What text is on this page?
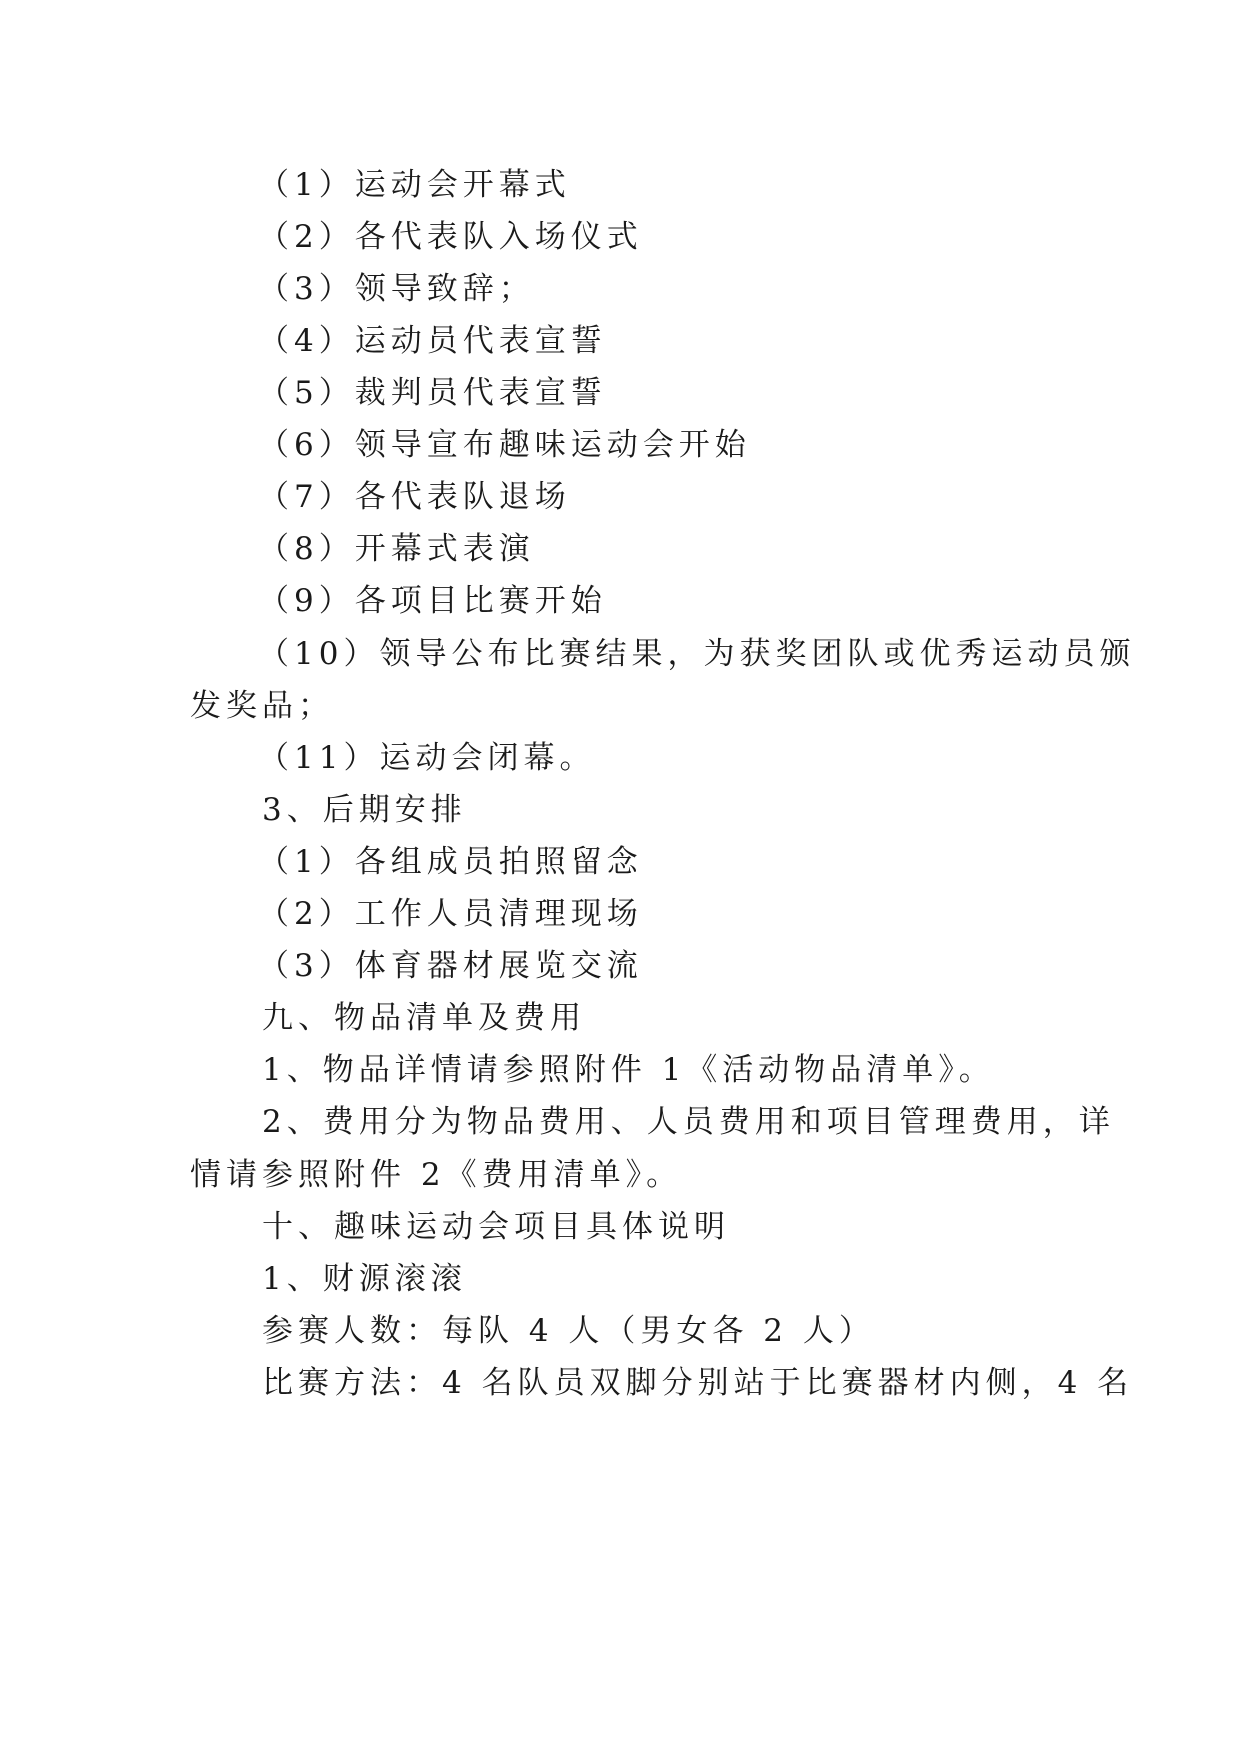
（1）运动会开幕式
（2）各代表队入场仪式
（3）领导致辞；
（4）运动员代表宣誓
（5）裁判员代表宣誓
（6）领导宣布趣味运动会开始
（7）各代表队退场
（8）开幕式表演
（9）各项目比赛开始
（10）领导公布比赛结果，为获奖团队或优秀运动员颁
发奖品；
（11）运动会闭幕。
3、后期安排
（1）各组成员拍照留念
（2）工作人员清理现场
（3）体育器材展览交流
九、物品清单及费用
1、物品详情请参照附件 1《活动物品清单》。
2、费用分为物品费用、人员费用和项目管理费用，详
情请参照附件 2《费用清单》。
十、趣味运动会项目具体说明
1、财源滚滚
参赛人数：每队 4 人（男女各 2 人）
比赛方法：4 名队员双脚分别站于比赛器材内侧，4 名
